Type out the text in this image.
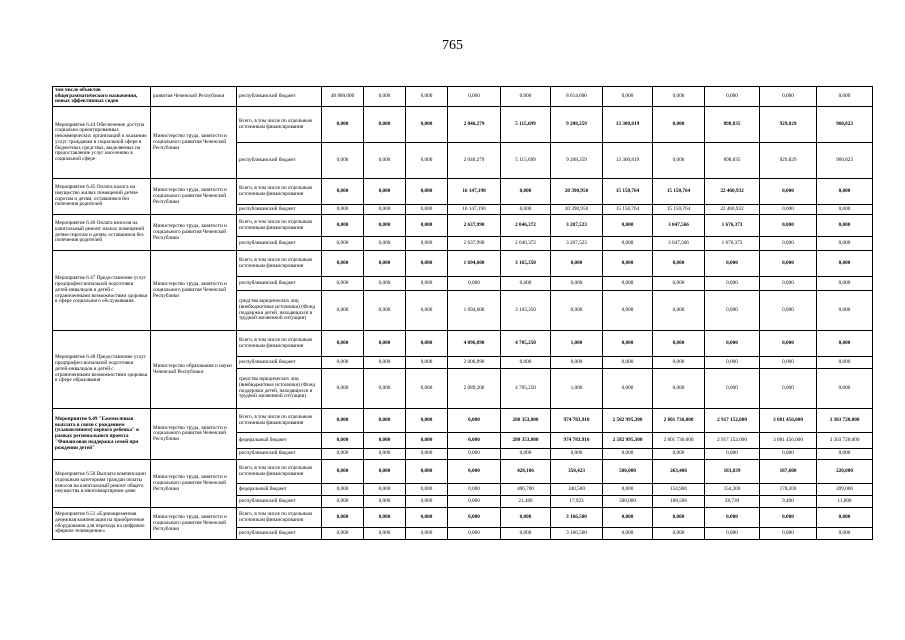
765
том числе объектов общеграмматического назначения, новых эффективных сидов	развития Чеченской Республики	республиканский бюджет	48 800,000	0,000	0,000	0,000	0,000	8 614,600	0,000	0,000	0,000	0,000	0,000
Мероприятие 6.44 Обеспечение доступа социально ориентированных некоммерческих организаций к оказанию услуг гражданам в социальной сфере в бюджетных средствах, выделяемых на предоставление услуг населению в социальной сфере	Министерство труда, занятости и социального развития Чеченской Республики	Всего, в том числе по отдельным источникам финансирования	0,000	0,000	0,000	2 046,279	5 115,699	9 208,259	13 300,819	0,000	898,835	929,829	960,823
		республиканский бюджет	0,000	0,000	0,000	2 046,279	5 115,699	9 208,259	13 300,819	0,000	898,835	929,829	960,823
Мероприятие 6.45 Оплата налога на имущество жилых помещений детям-сиротам и детям, оставшимся без попечения родителей	Министерство труда, занятости и социального развития Чеченской Республики	Всего, в том числе по отдельным источникам финансирования	0,000	0,000	0,000	16 147,190	0,000	20 390,950	15 150,764	15 150,764	22 460,932	0,000	0,000
		республиканский бюджет	0,000	0,000	0,000	16 147,190	0,000	20 390,950	15 150,764	15 150,764	22 460,932	0,000	0,000
Мероприятие 6.46 Оплата взносов на капитальный ремонт жилых помещений детям-сиротам и детям, оставшимся без попечения родителей	Министерство труда, занятости и социального развития Чеченской Республики	Всего, в том числе по отдельным источникам финансирования	0,000	0,000	0,000	2 637,990	2 046,372	3 207,523	0,000	3 047,566	1 676,373	0,000	0,000
		республиканский бюджет	0,000	0,000	0,000	2 637,990	2 046,372	3 207,523	0,000	3 047,566	1 676,373	0,000	0,000
Мероприятие 6.47 Предоставление услуг предпрофессиональной подготовки детей-инвалидов и детей с ограниченными возможностями здоровья в сфере социального обслуживания	Министерство труда, занятости и социального развития Чеченской Республики	Всего, в том числе по отдельным источникам финансирования	0,000	0,000	0,000	1 694,600	3 165,350	0,000	0,000	0,000	0,000	0,000	0,000
		республиканский бюджет	0,000	0,000	0,000	0,000	0,000	0,000	0,000	0,000	0,000	0,000	0,000
		средства юридических лиц (внебюджетные источники) (Фонд поддержки детей, находящихся в трудной жизненной ситуации)	0,000	0,000	0,000	1 694,600	3 165,350	0,000	0,000	0,000	0,000	0,000	0,000
Мероприятие 6.48 Предоставление услуг предпрофессиональной подготовки детей-инвалидов и детей с ограниченными возможностями здоровья в сфере образования	Министерство образования и науки Чеченской Республики	Всего, в том числе по отдельным источникам финансирования	0,000	0,000	0,000	4 096,090	4 705,250	1,000	0,000	0,000	0,000	0,000	0,000
		республиканский бюджет	0,000	0,000	0,000	2 006,890	0,000	0,000	0,000	0,000	0,000	0,000	0,000
		средства юридических лиц (внебюджетные источники) (Фонд поддержки детей, находящихся в трудной жизненной ситуации)	0,000	0,000	0,000	2 089,200	4 705,250	1,000	0,000	0,000	0,000	0,000	0,000
Мероприятие 6.49 "Ежемесячная выплата в связи с рождением (усыновлением) первого ребенка" в рамках регионального проекта "Финансовая поддержка семей при рождении детей"	Министерство труда, занятости и социального развития Чеченской Республики	Всего, в том числе по отдельным источникам финансирования	0,000	0,000	0,000	0,000	280 353,800	974 783,910	2 582 995,300	2 801 736,000	2 917 152,000	3 081 456,000	3 303 720,000
		федеральный бюджет	0,000	0,000	0,000	0,000	280 353,800	974 783,910	2 582 995,300	2 801 736,000	2 917 152,000	3 081 456,000	3 303 720,000
		республиканский бюджет	0,000	0,000	0,000	0,000	0,000	0,000	0,000	0,000	0,000	0,000	0,000
Мероприятие 6.50 Выплата компенсации отдельным категориям граждан оплаты взносов на капитальный ремонт общего имущества в многоквартирном доме	Министерство труда, занятости и социального развития Чеченской Республики	Всего, в том числе по отдельным источникам финансирования	0,000	0,000	0,000	0,000	428,106	358,423	500,000	263,406	183,039	187,600	220,000
		федеральный бюджет	0,000	0,000	0,000	0,000	406,700	340,500	0,000	154,900	154,300	178,200	209,000
		республиканский бюджет	0,000	0,000	0,000	0,000	21,406	17,923	500,000	108,506	28,739	9,400	11,000
Мероприятие 6.51 «Единовременная денежная компенсация на приобретение оборудования для перехода на цифровое эфирное телевидение»	Министерство труда, занятости и социального развития Чеченской Республики	Всего, в том числе по отдельным источникам финансирования	0,000	0,000	0,000	0,000	0,000	3 166,500	0,000	0,000	0,000	0,000	0,000
		республиканский бюджет	0,000	0,000	0,000	0,000	0,000	3 166,500	0,000	0,000	0,000	0,000	0,000
